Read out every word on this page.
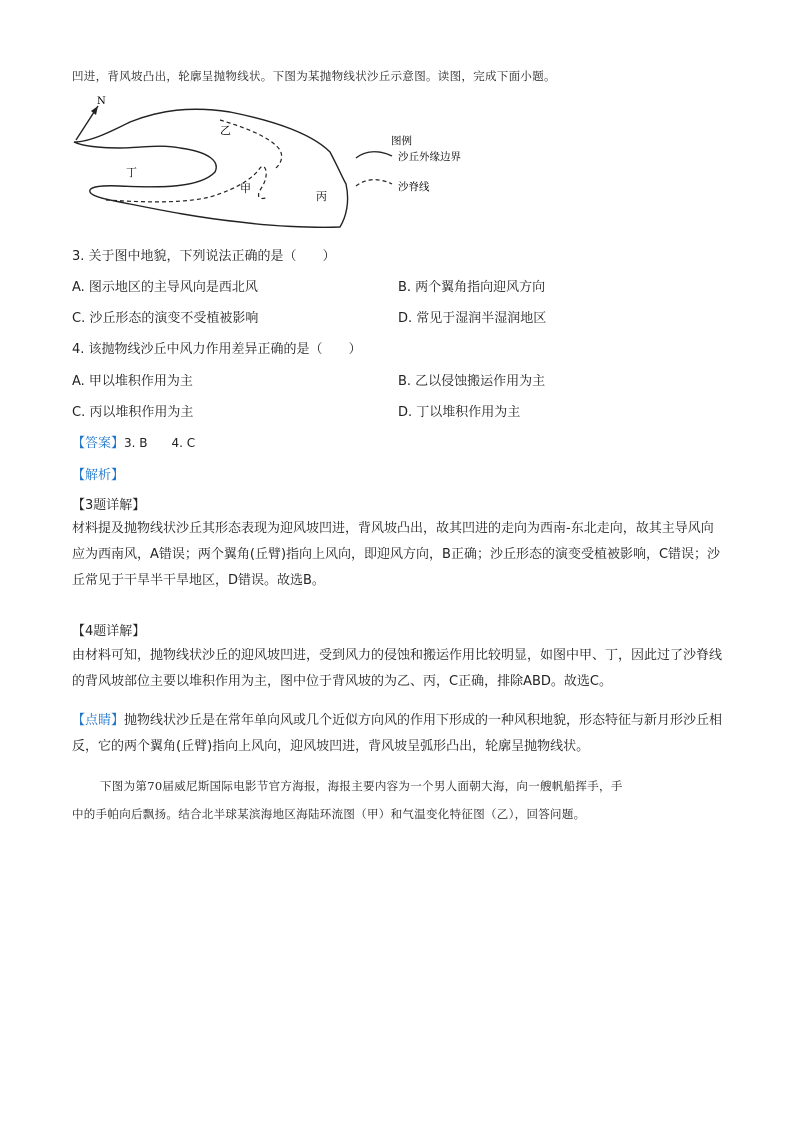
凹进，背风坡凸出，轮廓呈抛物线状。下图为某抛物线状沙丘示意图。读图，完成下面小题。
N
乙
丁
甲
丙
图例
沙丘外缘边界
沙脊线
3. 关于图中地貌，下列说法正确的是（　　）
A. 图示地区的主导风向是西北风	B. 两个翼角指向迎风方向
C. 沙丘形态的演变不受植被影响	D. 常见于湿润半湿润地区
4. 该抛物线沙丘中风力作用差异正确的是（　　）
A. 甲以堆积作用为主	B. 乙以侵蚀搬运作用为主
C. 丙以堆积作用为主	D. 丁以堆积作用为主
【答案】3. B　　4. C
【解析】
【3题详解】
材料提及抛物线状沙丘其形态表现为迎风坡凹进，背风坡凸出，故其凹进的走向为西南-东北走向，故其主导风向应为西南风，A错误；两个翼角(丘臂)指向上风向，即迎风方向，B正确；沙丘形态的演变受植被影响，C错误；沙丘常见于干旱半干旱地区，D错误。故选B。
【4题详解】
由材料可知，抛物线状沙丘的迎风坡凹进，受到风力的侵蚀和搬运作用比较明显，如图中甲、丁，因此过了沙脊线的背风坡部位主要以堆积作用为主，图中位于背风坡的为乙、丙，C正确，排除ABD。故选C。
【点睛】抛物线状沙丘是在常年单向风或几个近似方向风的作用下形成的一种风积地貌，形态特征与新月形沙丘相反，它的两个翼角(丘臂)指向上风向，迎风坡凹进，背风坡呈弧形凸出，轮廓呈抛物线状。
下图为第70届威尼斯国际电影节官方海报，海报主要内容为一个男人面朝大海，向一艘帆船挥手，手
中的手帕向后飘扬。结合北半球某滨海地区海陆环流图（甲）和气温变化特征图（乙），回答问题。
